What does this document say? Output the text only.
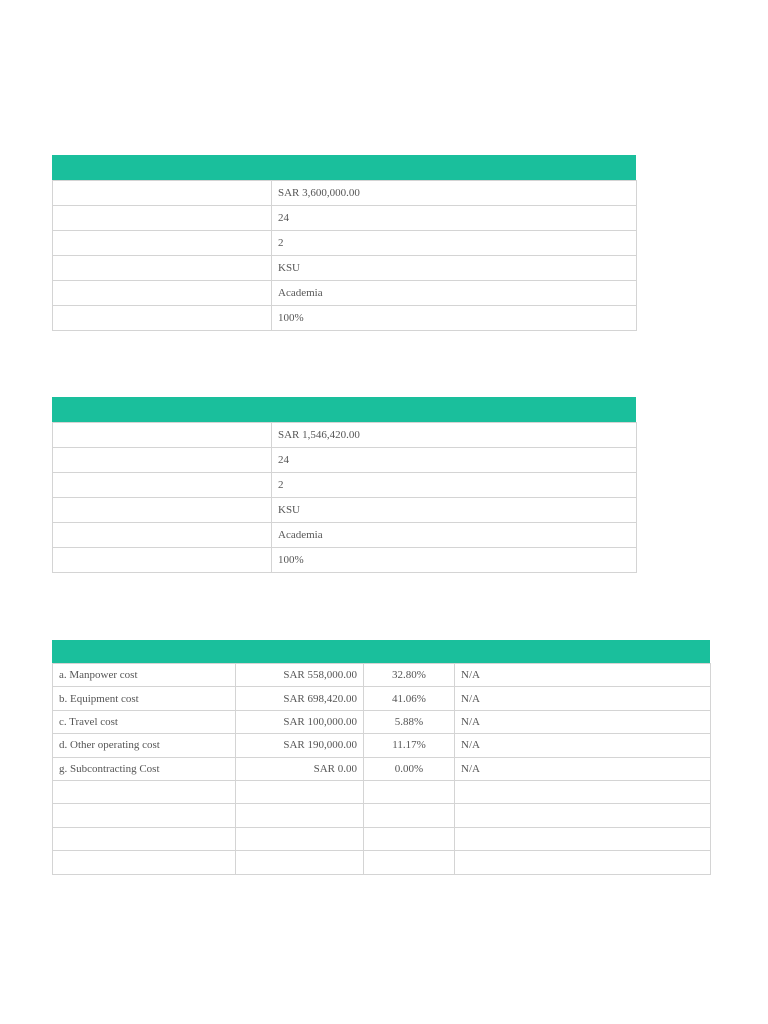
	SAR 3,600,000.00
	24
	2
	KSU
	Academia
	100%
	SAR 1,546,420.00
	24
	2
	KSU
	Academia
	100%
a. Manpower cost	SAR 558,000.00	32.80%	N/A
b. Equipment cost	SAR 698,420.00	41.06%	N/A
c. Travel cost	SAR 100,000.00	5.88%	N/A
d. Other operating cost	SAR 190,000.00	11.17%	N/A
g. Subcontracting Cost	SAR 0.00	0.00%	N/A
